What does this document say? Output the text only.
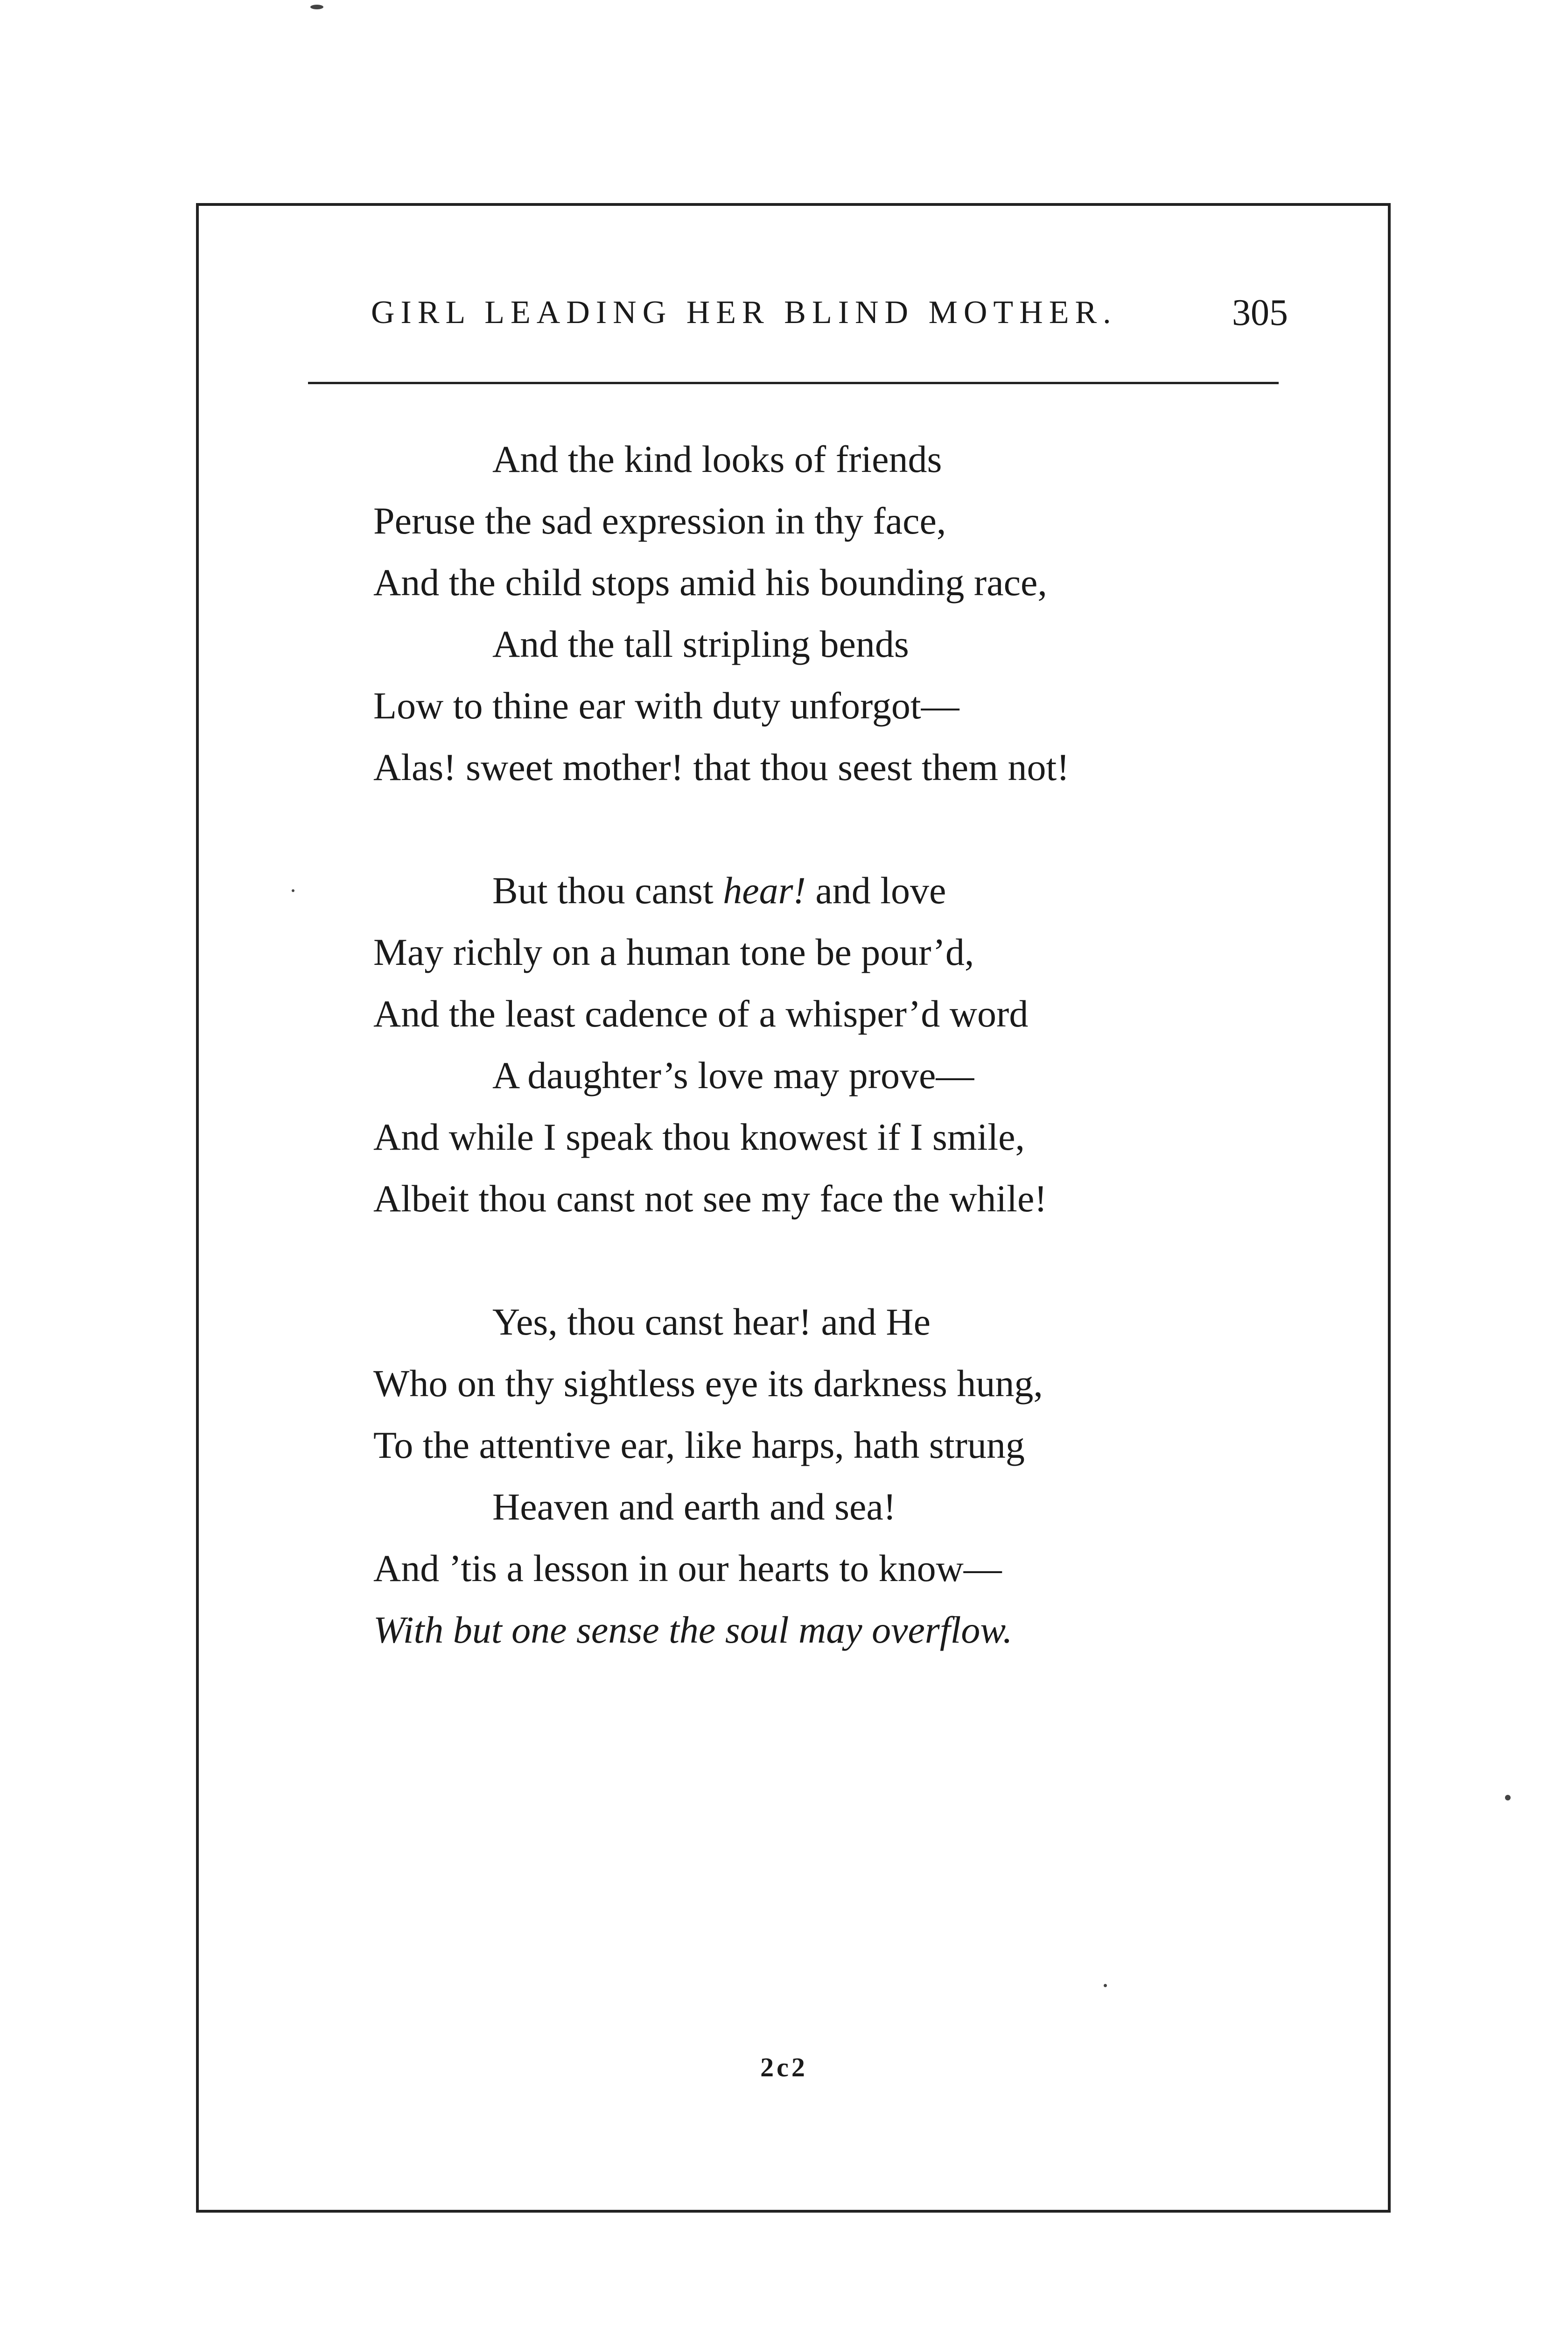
GIRL LEADING HER BLIND MOTHER.	305
And the kind looks of friends
Peruse the sad expression in thy face,
And the child stops amid his bounding race,
And the tall stripling bends
Low to thine ear with duty unforgot—
Alas! sweet mother! that thou seest them not!
But thou canst hear! and love
May richly on a human tone be pour’d,
And the least cadence of a whisper’d word
A daughter’s love may prove—
And while I speak thou knowest if I smile,
Albeit thou canst not see my face the while!
Yes, thou canst hear! and He
Who on thy sightless eye its darkness hung,
To the attentive ear, like harps, hath strung
Heaven and earth and sea!
And ’tis a lesson in our hearts to know—
With but one sense the soul may overflow.
2c2
